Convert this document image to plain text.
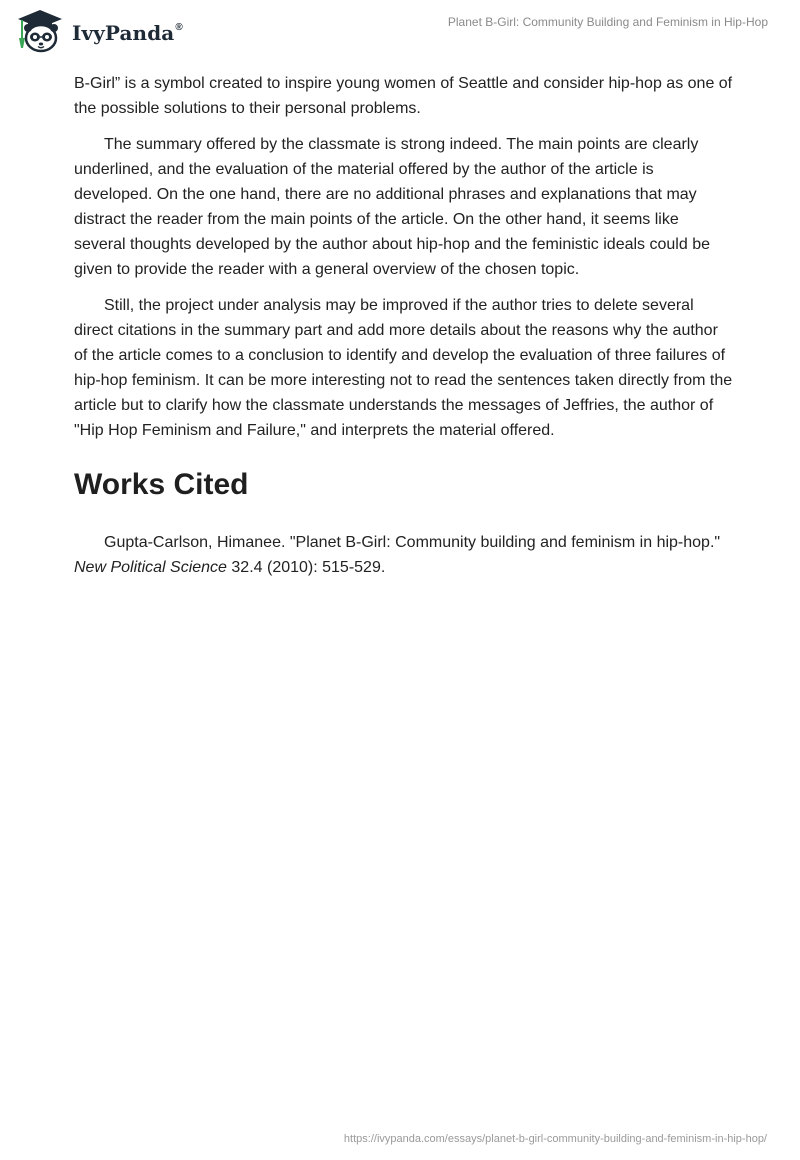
IvyPanda®	Planet B-Girl: Community Building and Feminism in Hip-Hop

B-Girl” is a symbol created to inspire young women of Seattle and consider hip-hop as one of the possible solutions to their personal problems.

The summary offered by the classmate is strong indeed. The main points are clearly underlined, and the evaluation of the material offered by the author of the article is developed. On the one hand, there are no additional phrases and explanations that may distract the reader from the main points of the article. On the other hand, it seems like several thoughts developed by the author about hip-hop and the feministic ideals could be given to provide the reader with a general overview of the chosen topic.

Still, the project under analysis may be improved if the author tries to delete several direct citations in the summary part and add more details about the reasons why the author of the article comes to a conclusion to identify and develop the evaluation of three failures of hip-hop feminism. It can be more interesting not to read the sentences taken directly from the article but to clarify how the classmate understands the messages of Jeffries, the author of "Hip Hop Feminism and Failure," and interprets the material offered.

Works Cited

Gupta-Carlson, Himanee. "Planet B-Girl: Community building and feminism in hip-hop." New Political Science 32.4 (2010): 515-529.

https://ivypanda.com/essays/planet-b-girl-community-building-and-feminism-in-hip-hop/
